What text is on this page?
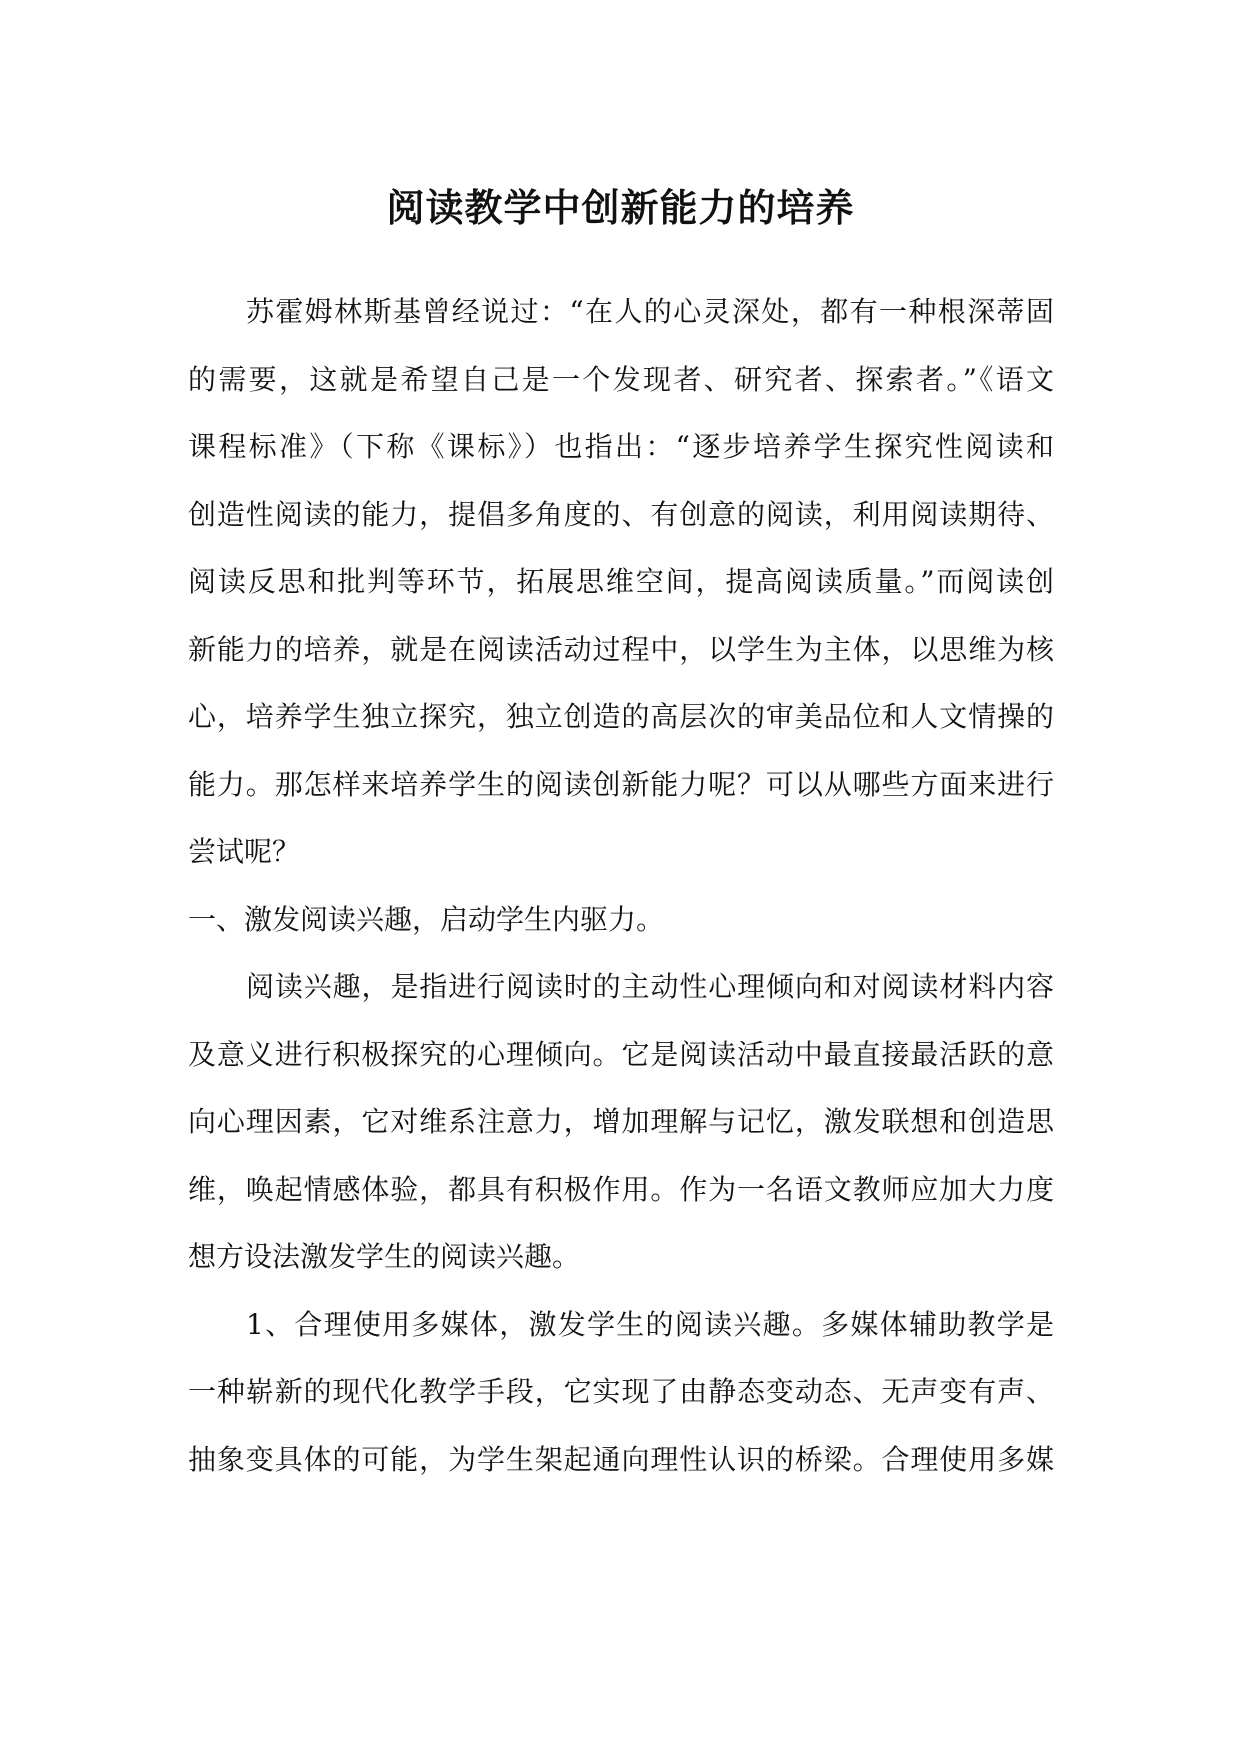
阅读教学中创新能力的培养
苏霍姆林斯基曾经说过：“在人的心灵深处，都有一种根深蒂固
的需要，这就是希望自己是一个发现者、研究者、探索者。”《语文
课程标准》（下称《课标》）也指出：“逐步培养学生探究性阅读和
创造性阅读的能力，提倡多角度的、有创意的阅读，利用阅读期待、
阅读反思和批判等环节，拓展思维空间，提高阅读质量。”而阅读创
新能力的培养，就是在阅读活动过程中，以学生为主体，以思维为核
心，培养学生独立探究，独立创造的高层次的审美品位和人文情操的
能力。那怎样来培养学生的阅读创新能力呢？可以从哪些方面来进行
尝试呢？
一、激发阅读兴趣，启动学生内驱力。
阅读兴趣，是指进行阅读时的主动性心理倾向和对阅读材料内容
及意义进行积极探究的心理倾向。它是阅读活动中最直接最活跃的意
向心理因素，它对维系注意力，增加理解与记忆，激发联想和创造思
维，唤起情感体验，都具有积极作用。作为一名语文教师应加大力度
想方设法激发学生的阅读兴趣。
1、合理使用多媒体，激发学生的阅读兴趣。多媒体辅助教学是
一种崭新的现代化教学手段，它实现了由静态变动态、无声变有声、
抽象变具体的可能，为学生架起通向理性认识的桥梁。合理使用多媒
